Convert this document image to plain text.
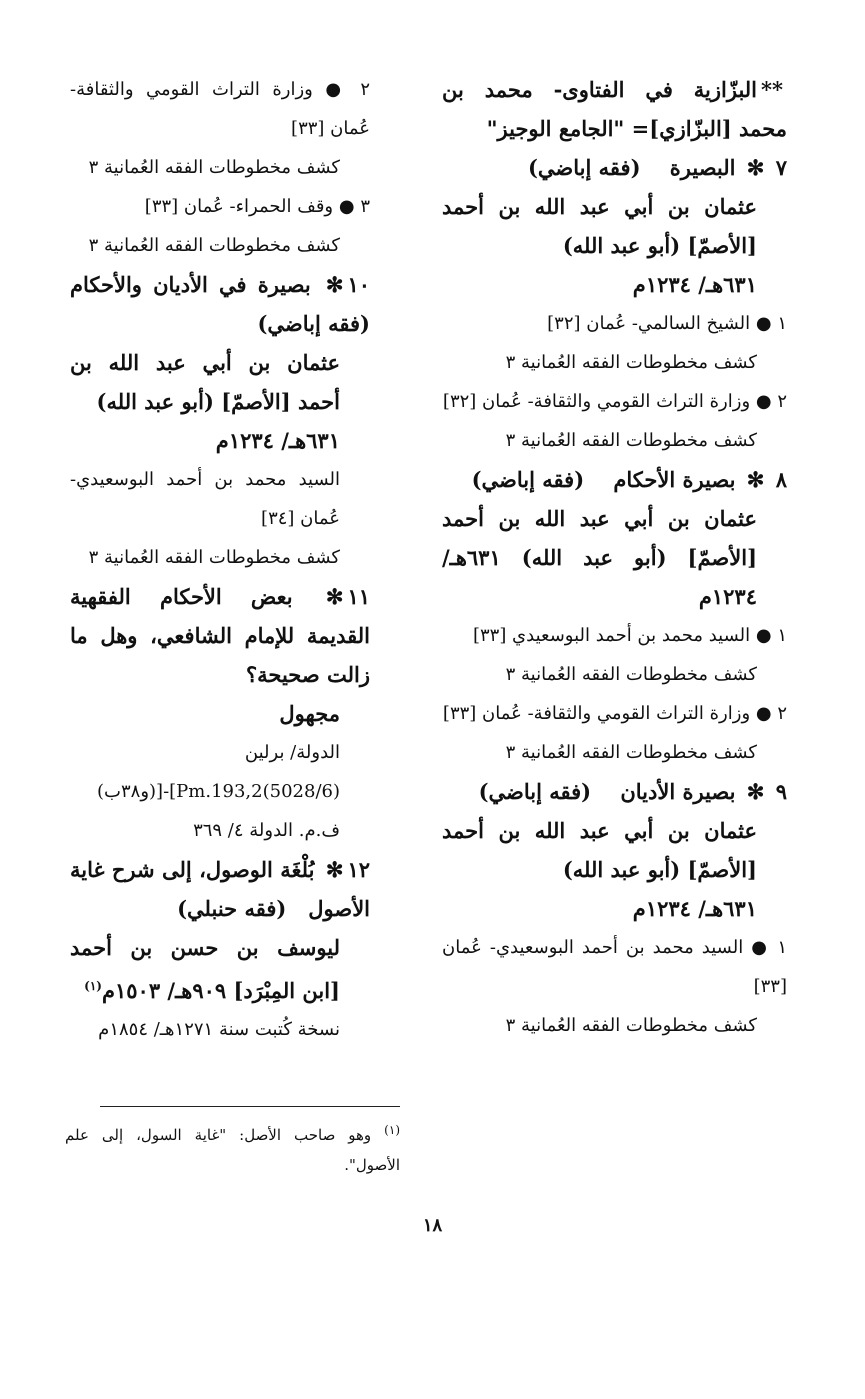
**البزّازية في الفتاوى- محمد بن محمد [البزّازي]= "الجامع الوجيز"

٧ ✻ البصيرة    (فقه إباضي)

عثمان بن أبي عبد الله بن أحمد [الأصمّ] (أبو عبد الله)

٦٣١هـ/ ١٢٣٤م

١ ● الشيخ السالمي- عُمان [٣٢]

كشف مخطوطات الفقه العُمانية ٣

٢ ● وزارة التراث القومي والثقافة- عُمان [٣٢]

كشف مخطوطات الفقه العُمانية ٣

٨ ✻ بصيرة الأحكام    (فقه إباضي)

عثمان بن أبي عبد الله بن أحمد [الأصمّ] (أبو عبد الله) ٦٣١هـ/ ١٢٣٤م

١ ● السيد محمد بن أحمد البوسعيدي [٣٣]

كشف مخطوطات الفقه العُمانية ٣

٢ ● وزارة التراث القومي والثقافة- عُمان [٣٣]

كشف مخطوطات الفقه العُمانية ٣

٩ ✻ بصيرة الأديان    (فقه إباضي)

عثمان بن أبي عبد الله بن أحمد [الأصمّ] (أبو عبد الله)

٦٣١هـ/ ١٢٣٤م

١ ● السيد محمد بن أحمد البوسعيدي- عُمان [٣٣]

كشف مخطوطات الفقه العُمانية ٣

٢ ● وزارة التراث القومي والثقافة- عُمان [٣٣]

كشف مخطوطات الفقه العُمانية ٣

٣ ● وقف الحمراء- عُمان [٣٣]

كشف مخطوطات الفقه العُمانية ٣

١٠✻ بصيرة في الأديان والأحكام (فقه إباضي)

عثمان بن أبي عبد الله بن أحمد [الأصمّ] (أبو عبد الله)

٦٣١هـ/ ١٢٣٤م

السيد محمد بن أحمد البوسعيدي- عُمان [٣٤]

كشف مخطوطات الفقه العُمانية ٣

١١✻ بعض الأحكام الفقهية القديمة للإمام الشافعي، وهل ما زالت صحيحة؟

مجهول

الدولة/ برلين

(5028/6)Pm.193,2]-[(و٣٨ب)

ف.م. الدولة ٤/ ٣٦٩

١٢✻ بُلْغَة الوصول، إلى شرح غاية الأصول   (فقه حنبلي)

ليوسف بن حسن بن أحمد [ابن المِبْرَد] ٩٠٩هـ/ ١٥٠٣م$^{(١)}$

نسخة كُتبت سنة ١٢٧١هـ/ ١٨٥٤م

$^{(١)}$ وهو صاحب الأصل: "غاية السول، إلى علم الأصول".
١٨
